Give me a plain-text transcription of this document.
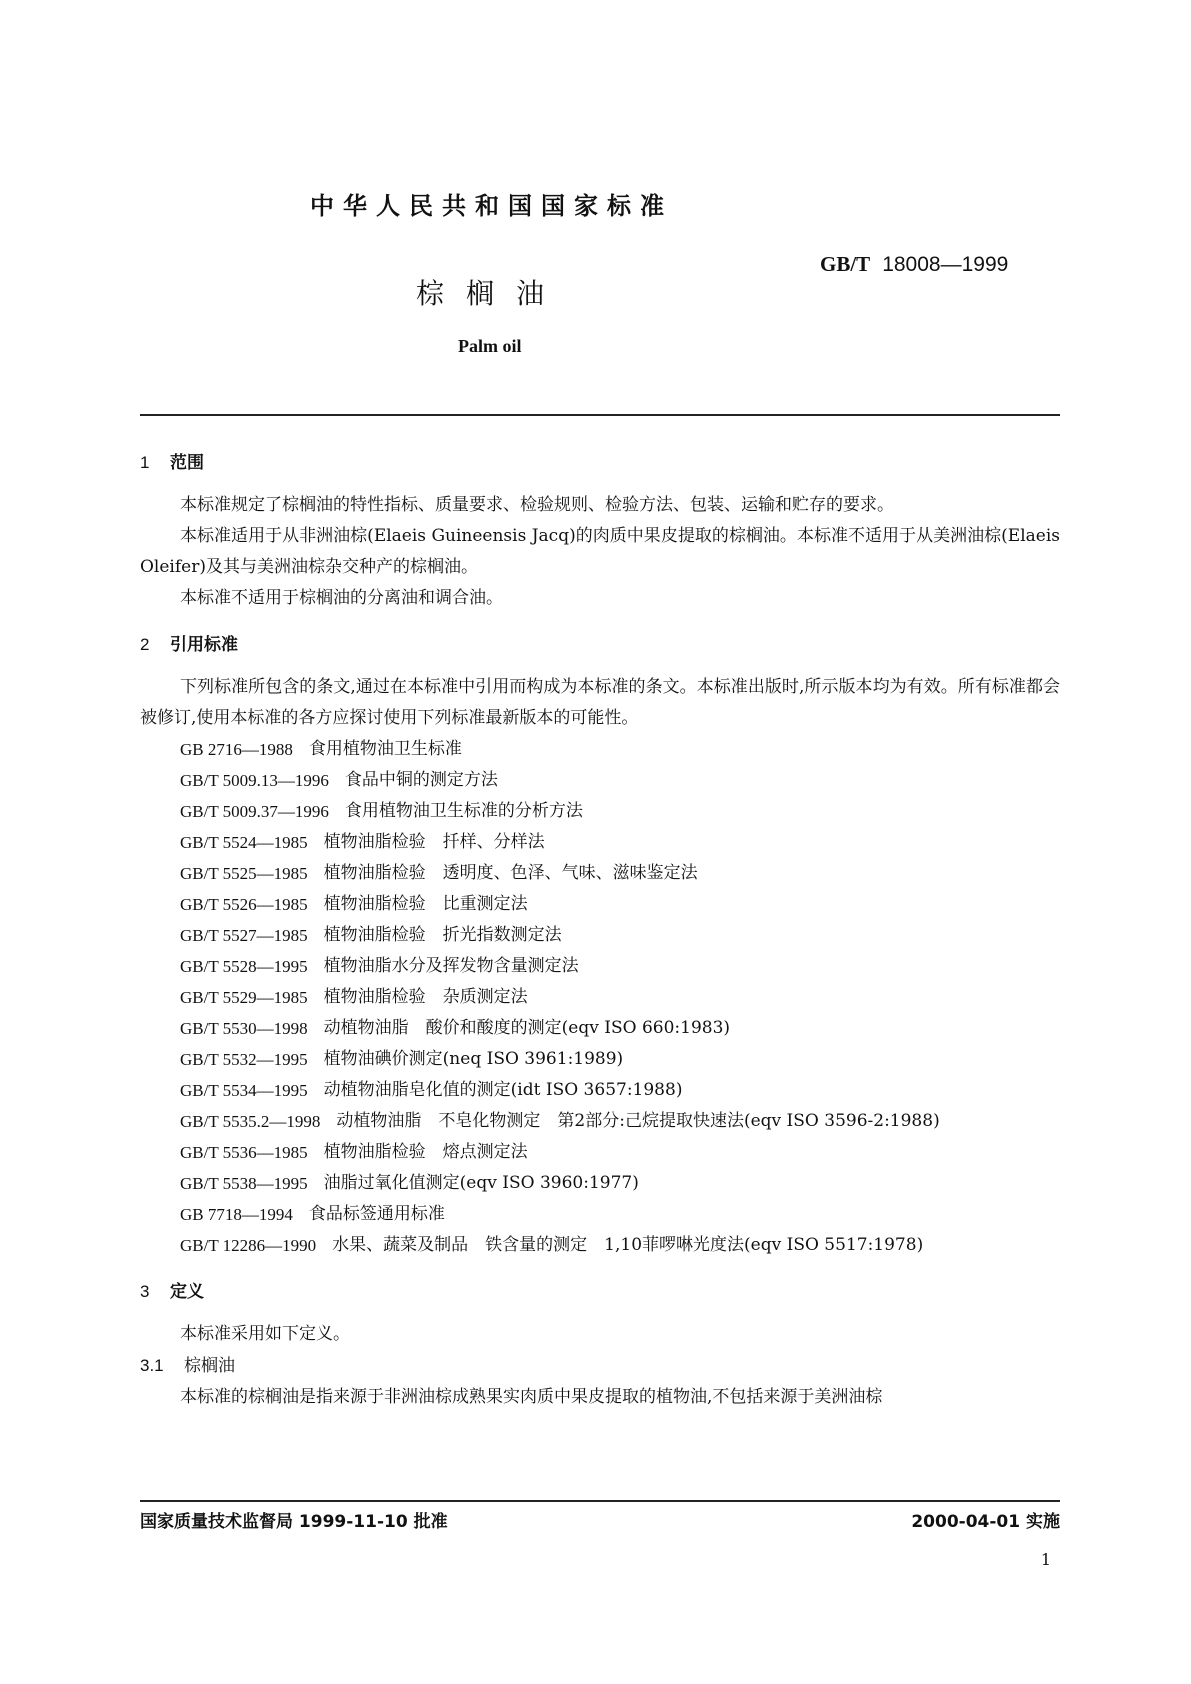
中华人民共和国国家标准
GB/T 18008—1999
棕榈油
Palm oil
1 范围
本标准规定了棕榈油的特性指标、质量要求、检验规则、检验方法、包装、运输和贮存的要求。
本标准适用于从非洲油棕(Elaeis Guineensis Jacq)的肉质中果皮提取的棕榈油。本标准不适用于从美洲油棕(Elaeis Oleifer)及其与美洲油棕杂交种产的棕榈油。
本标准不适用于棕榈油的分离油和调合油。
2 引用标准
下列标准所包含的条文,通过在本标准中引用而构成为本标准的条文。本标准出版时,所示版本均为有效。所有标准都会被修订,使用本标准的各方应探讨使用下列标准最新版本的可能性。
GB 2716—1988 食用植物油卫生标准
GB/T 5009.13—1996 食品中铜的测定方法
GB/T 5009.37—1996 食用植物油卫生标准的分析方法
GB/T 5524—1985 植物油脂检验　扦样、分样法
GB/T 5525—1985 植物油脂检验　透明度、色泽、气味、滋味鉴定法
GB/T 5526—1985 植物油脂检验　比重测定法
GB/T 5527—1985 植物油脂检验　折光指数测定法
GB/T 5528—1995 植物油脂水分及挥发物含量测定法
GB/T 5529—1985 植物油脂检验　杂质测定法
GB/T 5530—1998 动植物油脂　酸价和酸度的测定(eqv ISO 660:1983)
GB/T 5532—1995 植物油碘价测定(neq ISO 3961:1989)
GB/T 5534—1995 动植物油脂皂化值的测定(idt ISO 3657:1988)
GB/T 5535.2—1998 动植物油脂　不皂化物测定　第2部分:己烷提取快速法(eqv ISO 3596-2:1988)
GB/T 5536—1985 植物油脂检验　熔点测定法
GB/T 5538—1995 油脂过氧化值测定(eqv ISO 3960:1977)
GB 7718—1994 食品标签通用标准
GB/T 12286—1990 水果、蔬菜及制品　铁含量的测定　1,10菲啰啉光度法(eqv ISO 5517:1978)
3 定义
本标准采用如下定义。
3.1 棕榈油
本标准的棕榈油是指来源于非洲油棕成熟果实肉质中果皮提取的植物油,不包括来源于美洲油棕
国家质量技术监督局 1999-11-10 批准	2000-04-01 实施
1
